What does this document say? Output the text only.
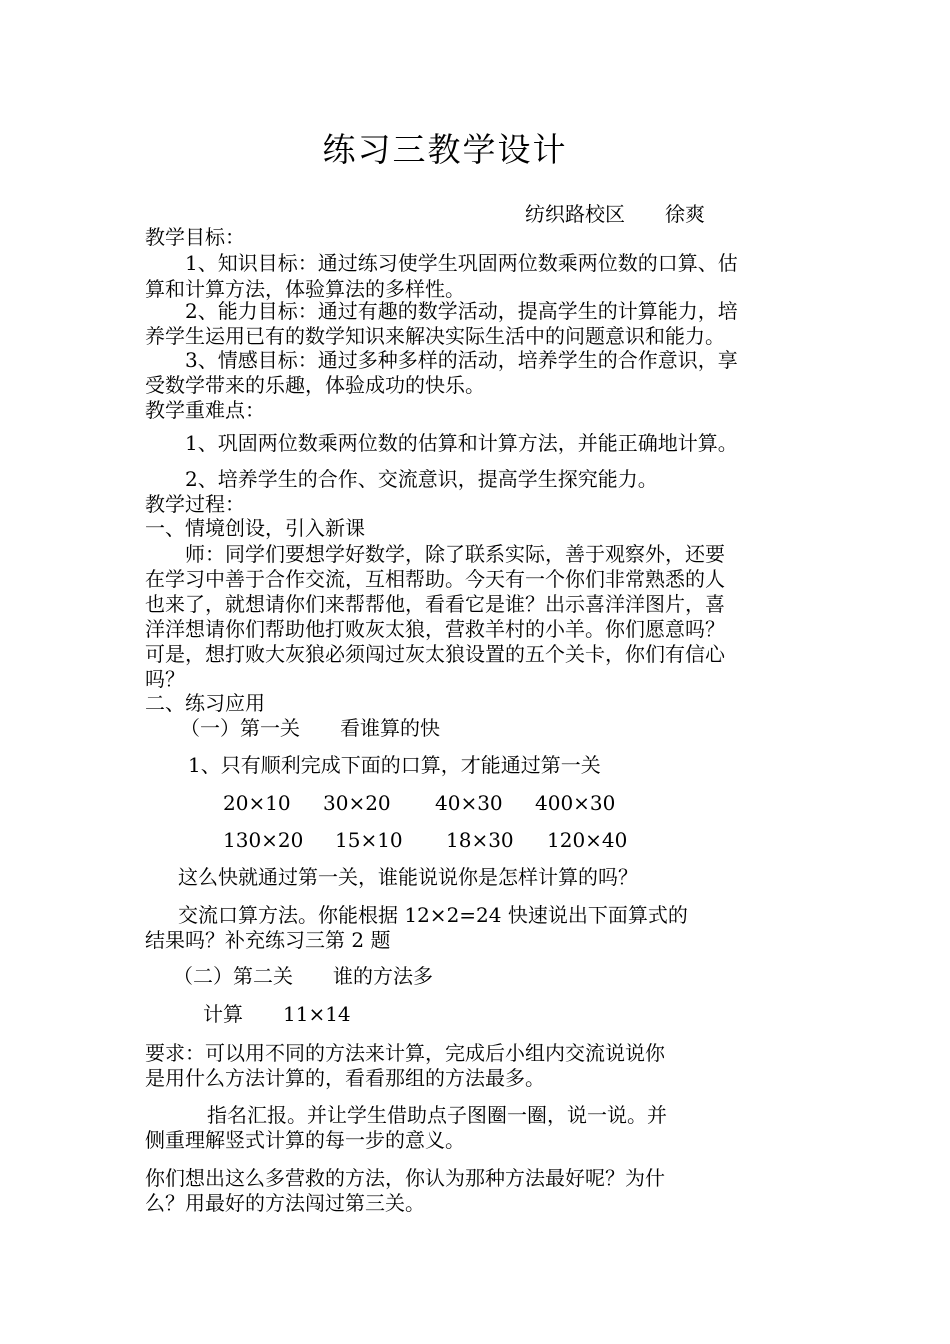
练习三教学设计
纺织路校区　　徐爽
教学目标：
　　1、知识目标：通过练习使学生巩固两位数乘两位数的口算、估
算和计算方法，体验算法的多样性。
　　2、能力目标：通过有趣的数学活动，提高学生的计算能力，培
养学生运用已有的数学知识来解决实际生活中的问题意识和能力。
　　3、情感目标：通过多种多样的活动，培养学生的合作意识，享
受数学带来的乐趣，体验成功的快乐。
教学重难点：
　　1、巩固两位数乘两位数的估算和计算方法，并能正确地计算。
　　2、培养学生的合作、交流意识，提高学生探究能力。
教学过程：
一、情境创设，引入新课
　　师：同学们要想学好数学，除了联系实际，善于观察外，还要
在学习中善于合作交流，互相帮助。今天有一个你们非常熟悉的人
也来了，就想请你们来帮帮他，看看它是谁？出示喜洋洋图片，喜
洋洋想请你们帮助他打败灰太狼，营救羊村的小羊。你们愿意吗？
可是，想打败大灰狼必须闯过灰太狼设置的五个关卡，你们有信心
吗？
二、练习应用
　　（一）第一关　　看谁算的快
　　1、只有顺利完成下面的口算，才能通过第一关
20×10 30×20 40×30 400×30
130×20 15×10 18×30 120×40
　　这么快就通过第一关，谁能说说你是怎样计算的吗？
　　交流口算方法。你能根据 12×2=24 快速说出下面算式的
结果吗？补充练习三第 2 题
　　（二）第二关　　谁的方法多
　　　计算　　11×14
要求：可以用不同的方法来计算，完成后小组内交流说说你
是用什么方法计算的，看看那组的方法最多。
　　　指名汇报。并让学生借助点子图圈一圈，说一说。并
侧重理解竖式计算的每一步的意义。
你们想出这么多营救的方法，你认为那种方法最好呢？为什
么？用最好的方法闯过第三关。
